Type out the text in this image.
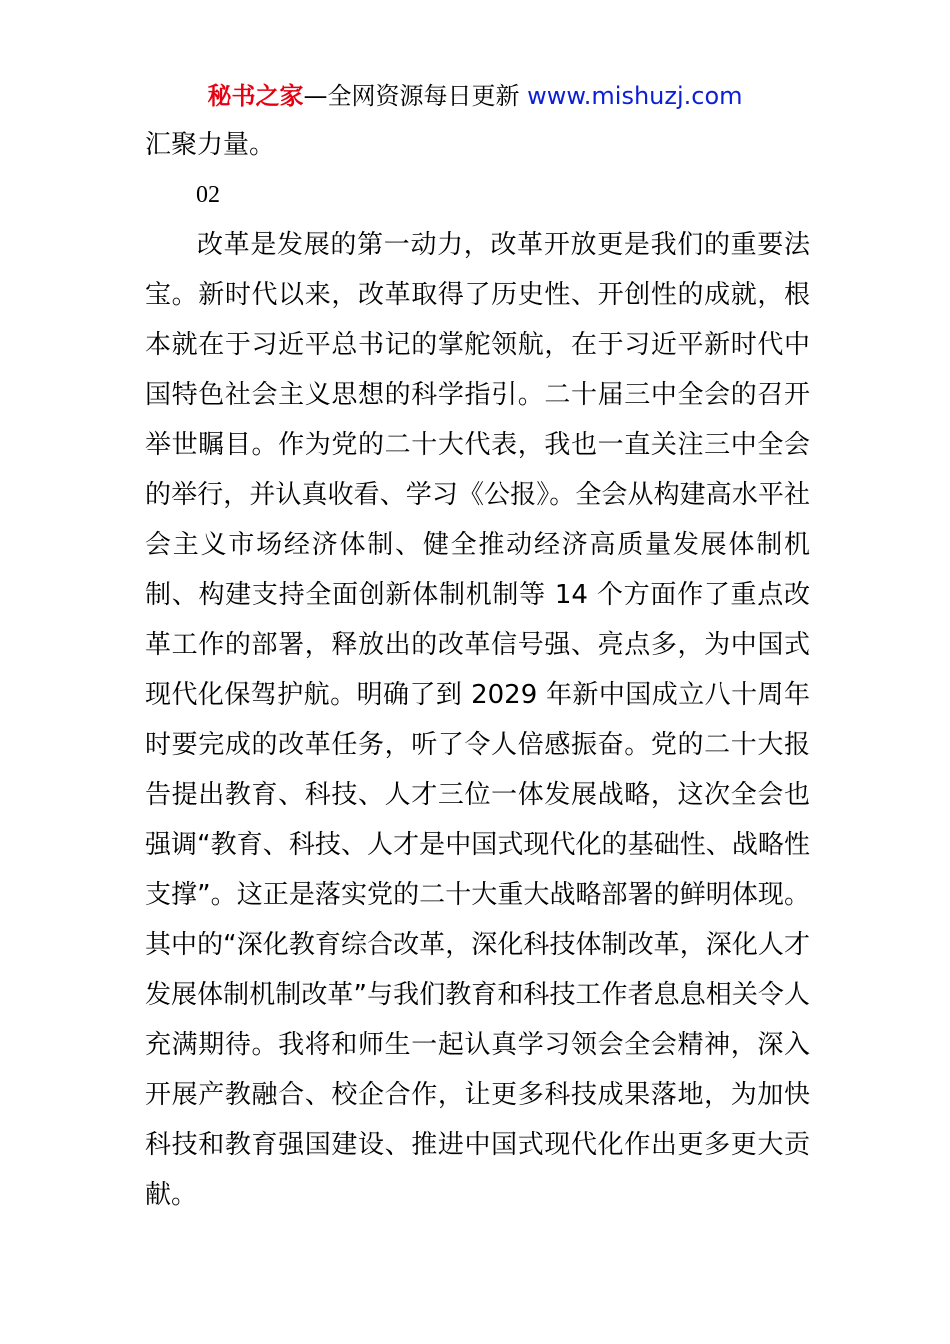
秘书之家—全网资源每日更新 www.mishuzj.com

汇聚力量。

02

改革是发展的第一动力，改革开放更是我们的重要法宝。新时代以来，改革取得了历史性、开创性的成就，根本就在于习近平总书记的掌舵领航，在于习近平新时代中国特色社会主义思想的科学指引。二十届三中全会的召开举世瞩目。作为党的二十大代表，我也一直关注三中全会的举行，并认真收看、学习《公报》。全会从构建高水平社会主义市场经济体制、健全推动经济高质量发展体制机制、构建支持全面创新体制机制等 14 个方面作了重点改革工作的部署，释放出的改革信号强、亮点多，为中国式现代化保驾护航。明确了到 2029 年新中国成立八十周年时要完成的改革任务，听了令人倍感振奋。党的二十大报告提出教育、科技、人才三位一体发展战略，这次全会也强调“教育、科技、人才是中国式现代化的基础性、战略性支撑”。这正是落实党的二十大重大战略部署的鲜明体现。其中的“深化教育综合改革，深化科技体制改革，深化人才发展体制机制改革”与我们教育和科技工作者息息相关令人充满期待。我将和师生一起认真学习领会全会精神，深入开展产教融合、校企合作，让更多科技成果落地，为加快科技和教育强国建设、推进中国式现代化作出更多更大贡献。
